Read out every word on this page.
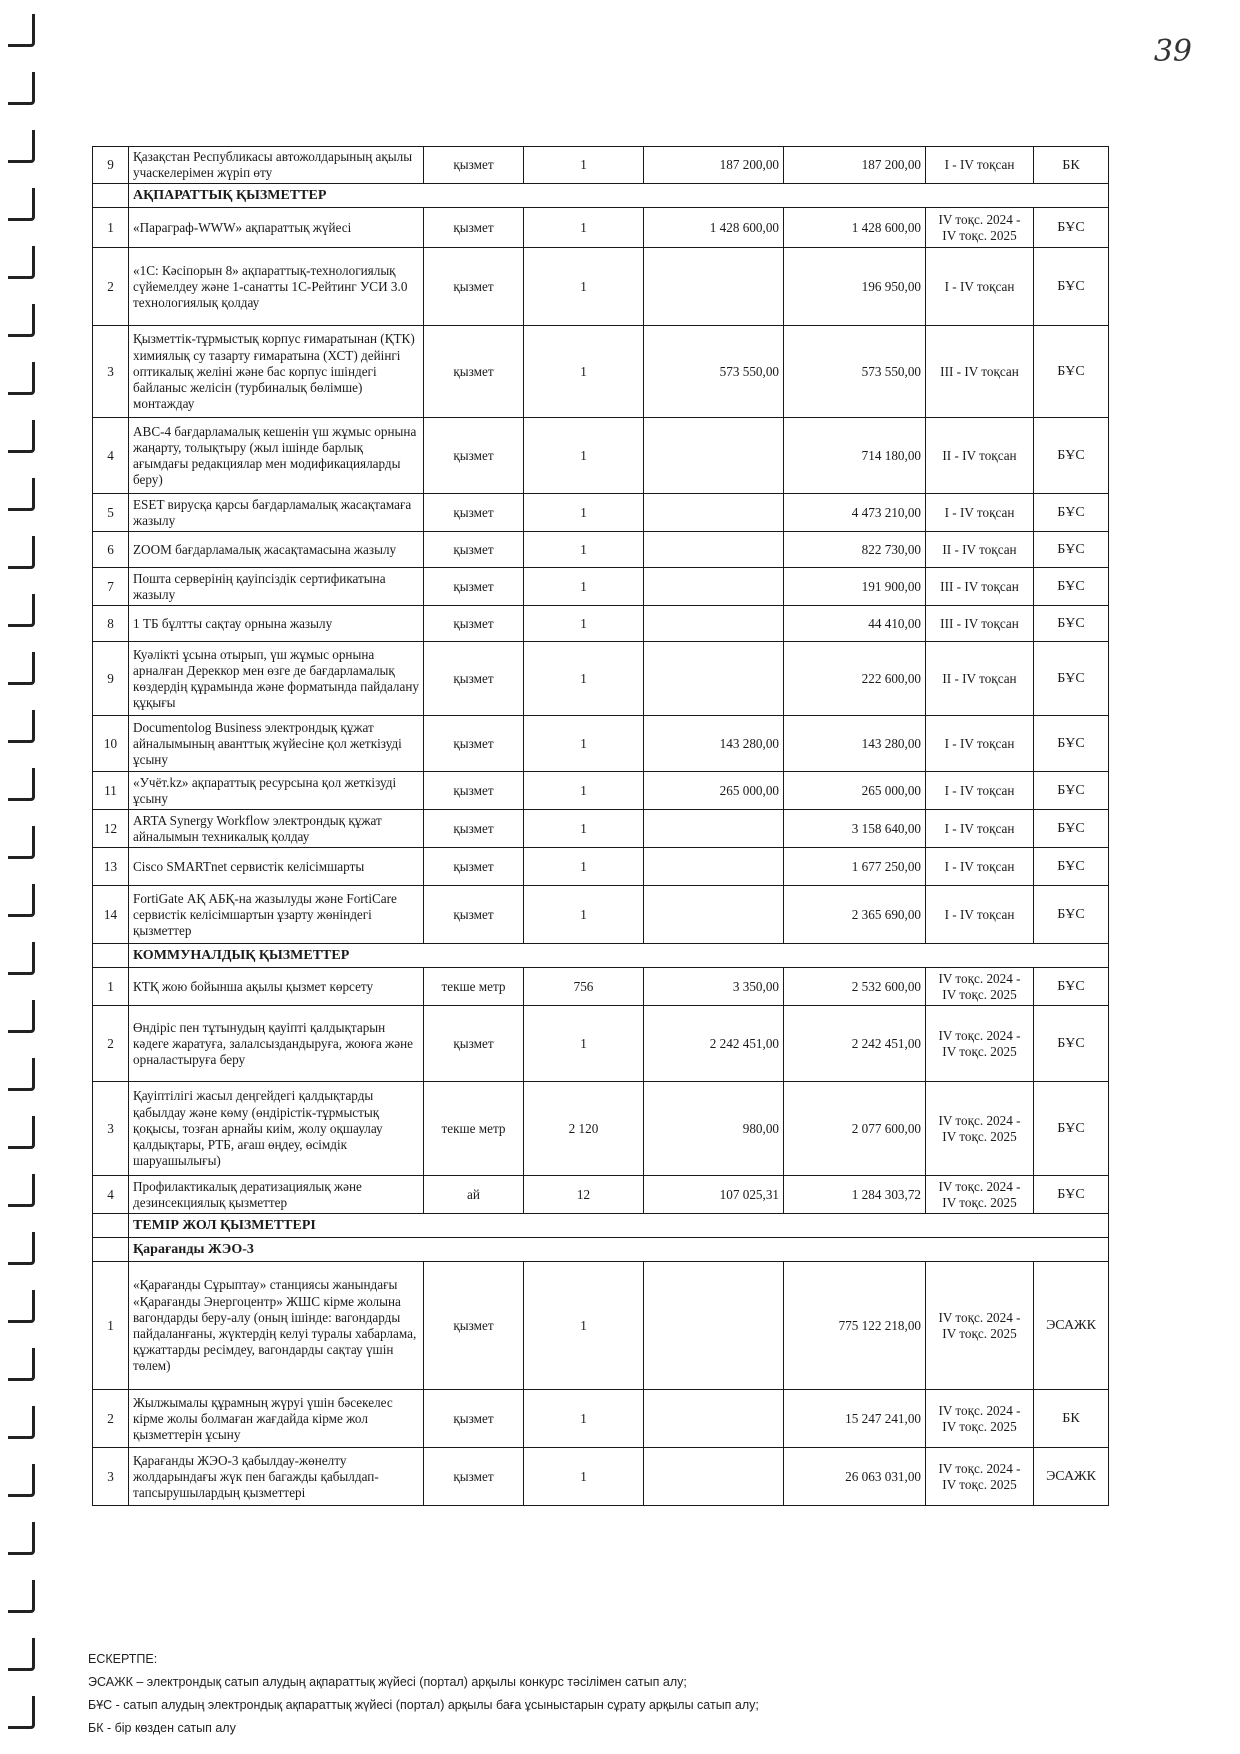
39
9	Қазақстан Республикасы автожолдарының ақылы учаскелерімен жүріп өту	қызмет	1	187 200,00	187 200,00	I - IV тоқсан	БК
	АҚПАРАТТЫҚ ҚЫЗМЕТТЕР						
1	«Параграф-WWW» ақпараттық жүйесі	қызмет	1	1 428 600,00	1 428 600,00	IV тоқс. 2024 - IV тоқс. 2025	БҰС
2	«1С: Кәсіпорын 8» ақпараттық-технологиялық сүйемелдеу және 1-санатты 1С-Рейтинг УСИ 3.0 технологиялық қолдау	қызмет	1		196 950,00	I - IV тоқсан	БҰС
3	Қызметтік-тұрмыстық корпус ғимаратынан (ҚТК) химиялық су тазарту ғимаратына (ХСТ) дейінгі оптикалық желіні және бас корпус ішіндегі байланыс желісін (турбиналық бөлімше) монтаждау	қызмет	1	573 550,00	573 550,00	III - IV тоқсан	БҰС
4	АВС-4 бағдарламалық кешенін үш жұмыс орнына жаңарту, толықтыру (жыл ішінде барлық ағымдағы редакциялар мен модификацияларды беру)	қызмет	1		714 180,00	II - IV тоқсан	БҰС
5	ESET вирусқа қарсы бағдарламалық жасақтамаға жазылу	қызмет	1		4 473 210,00	I - IV тоқсан	БҰС
6	ZOOM бағдарламалық жасақтамасына жазылу	қызмет	1		822 730,00	II - IV тоқсан	БҰС
7	Пошта серверінің қауіпсіздік сертификатына жазылу	қызмет	1		191 900,00	III - IV тоқсан	БҰС
8	1 ТБ бұлтты сақтау орнына жазылу	қызмет	1		44 410,00	III - IV тоқсан	БҰС
9	Куәлікті ұсына отырып, үш жұмыс орнына арналған Дереккор мен өзге де бағдарламалық көздердің құрамында және форматында пайдалану құқығы	қызмет	1		222 600,00	II - IV тоқсан	БҰС
10	Documentolog Business электрондық құжат айналымының аванттық жүйесіне қол жеткізуді ұсыну	қызмет	1	143 280,00	143 280,00	I - IV тоқсан	БҰС
11	«Учёт.kz» ақпараттық ресурсына қол жеткізуді ұсыну	қызмет	1	265 000,00	265 000,00	I - IV тоқсан	БҰС
12	ARTA Synergy Workflow электрондық құжат айналымын техникалық қолдау	қызмет	1		3 158 640,00	I - IV тоқсан	БҰС
13	Cisco SMARTnet сервистік келісімшарты	қызмет	1		1 677 250,00	I - IV тоқсан	БҰС
14	FortiGate АҚ АБҚ-на жазылуды және FortiCare сервистік келісімшартын ұзарту жөніндегі қызметтер	қызмет	1		2 365 690,00	I - IV тоқсан	БҰС
	КОММУНАЛДЫҚ ҚЫЗМЕТТЕР						
1	КТҚ жою бойынша ақылы қызмет көрсету	текше метр	756	3 350,00	2 532 600,00	IV тоқс. 2024 - IV тоқс. 2025	БҰС
2	Өндіріс пен тұтынудың қауіпті қалдықтарын кәдеге жаратуға, залалсыздандыруға, жоюға және орналастыруға беру	қызмет	1	2 242 451,00	2 242 451,00	IV тоқс. 2024 - IV тоқс. 2025	БҰС
3	Қауіптілігі жасыл деңгейдегі қалдықтарды қабылдау және көму (өндірістік-тұрмыстық қоқысы, тозған арнайы киім, жолу оқшаулау қалдықтары, РТБ, ағаш өңдеу, өсімдік шаруашылығы)	текше метр	2 120	980,00	2 077 600,00	IV тоқс. 2024 - IV тоқс. 2025	БҰС
4	Профилактикалық дератизациялық және дезинсекциялық қызметтер	ай	12	107 025,31	1 284 303,72	IV тоқс. 2024 - IV тоқс. 2025	БҰС
	ТЕМІР ЖОЛ ҚЫЗМЕТТЕРІ						
	Қарағанды ЖЭО-3						
1	«Қарағанды Сұрыптау» станциясы жанындағы «Қарағанды Энергоцентр» ЖШС кірме жолына вагондарды беру-алу (оның ішінде: вагондарды пайдаланғаны, жүктердің келуі туралы хабарлама, құжаттарды ресімдеу, вагондарды сақтау үшін төлем)	қызмет	1		775 122 218,00	IV тоқс. 2024 - IV тоқс. 2025	ЭСАЖК
2	Жылжымалы құрамның жүруі үшін бәсекелес кірме жолы болмаған жағдайда кірме жол қызметтерін ұсыну	қызмет	1		15 247 241,00	IV тоқс. 2024 - IV тоқс. 2025	БК
3	Қарағанды ЖЭО-3 қабылдау-жөнелту жолдарындағы жүк пен багажды қабылдап-тапсырушылардың қызметтері	қызмет	1		26 063 031,00	IV тоқс. 2024 - IV тоқс. 2025	ЭСАЖК
ЕСКЕРТПЕ:
ЭСАЖК – электрондық сатып алудың ақпараттық жүйесі (портал) арқылы конкурс тәсілімен сатып алу;
БҰС - сатып алудың электрондық ақпараттық жүйесі (портал) арқылы баға ұсыныстарын сұрату арқылы сатып алу;
БК - бір көзден сатып алу
